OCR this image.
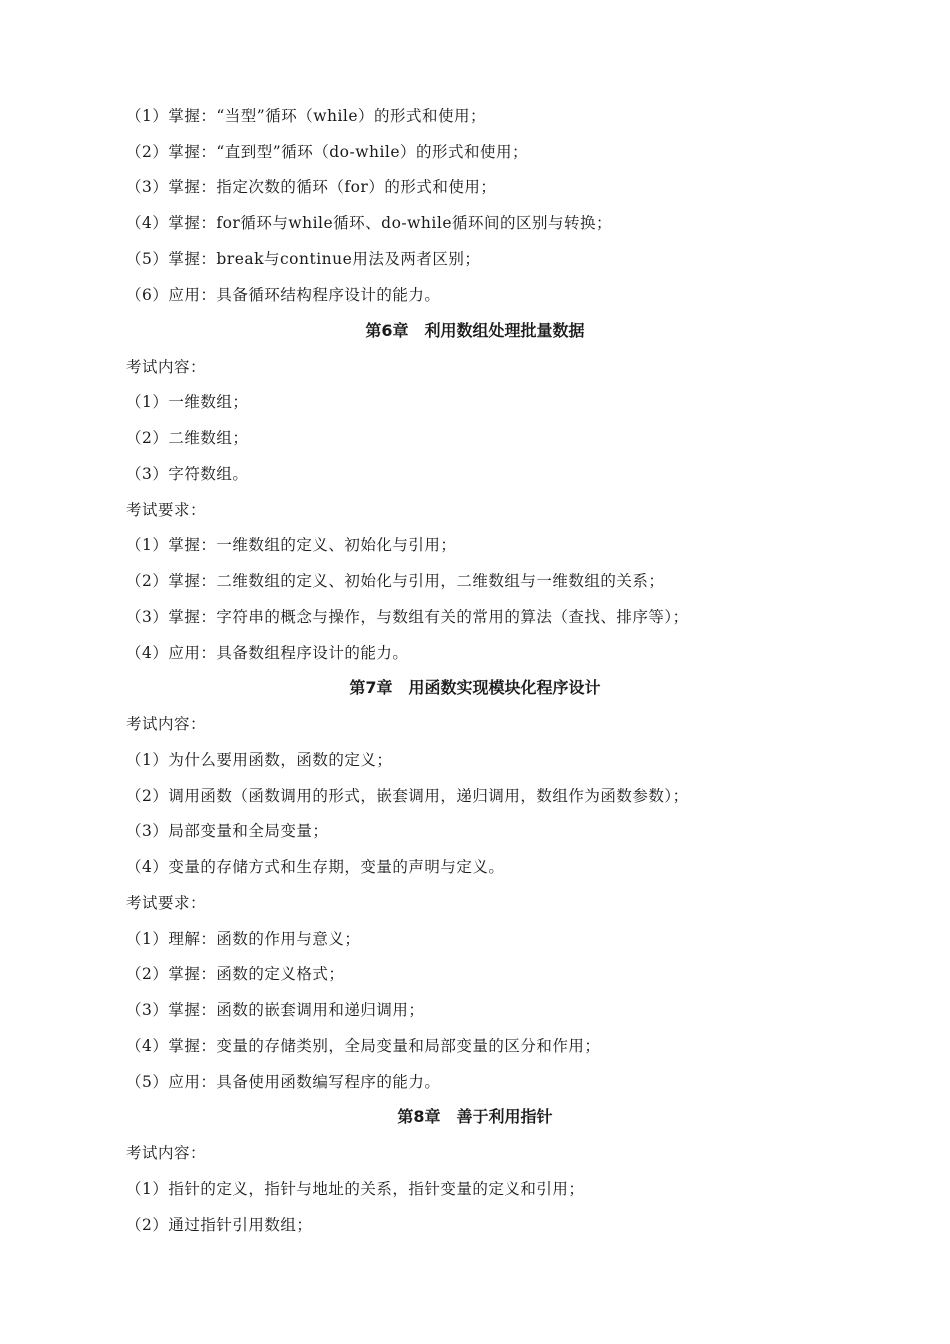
（1）掌握：“当型”循环（while）的形式和使用；
（2）掌握：“直到型”循环（do-while）的形式和使用；
（3）掌握：指定次数的循环（for）的形式和使用；
（4）掌握：for循环与while循环、do-while循环间的区别与转换；
（5）掌握：break与continue用法及两者区别；
（6）应用：具备循环结构程序设计的能力。
第6章　利用数组处理批量数据
考试内容：
（1）一维数组；
（2）二维数组；
（3）字符数组。
考试要求：
（1）掌握：一维数组的定义、初始化与引用；
（2）掌握：二维数组的定义、初始化与引用，二维数组与一维数组的关系；
（3）掌握：字符串的概念与操作，与数组有关的常用的算法（查找、排序等）；
（4）应用：具备数组程序设计的能力。
第7章　用函数实现模块化程序设计
考试内容：
（1）为什么要用函数，函数的定义；
（2）调用函数（函数调用的形式，嵌套调用，递归调用，数组作为函数参数）；
（3）局部变量和全局变量；
（4）变量的存储方式和生存期，变量的声明与定义。
考试要求：
（1）理解：函数的作用与意义；
（2）掌握：函数的定义格式；
（3）掌握：函数的嵌套调用和递归调用；
（4）掌握：变量的存储类别，全局变量和局部变量的区分和作用；
（5）应用：具备使用函数编写程序的能力。
第8章　善于利用指针
考试内容：
（1）指针的定义，指针与地址的关系，指针变量的定义和引用；
（2）通过指针引用数组；
